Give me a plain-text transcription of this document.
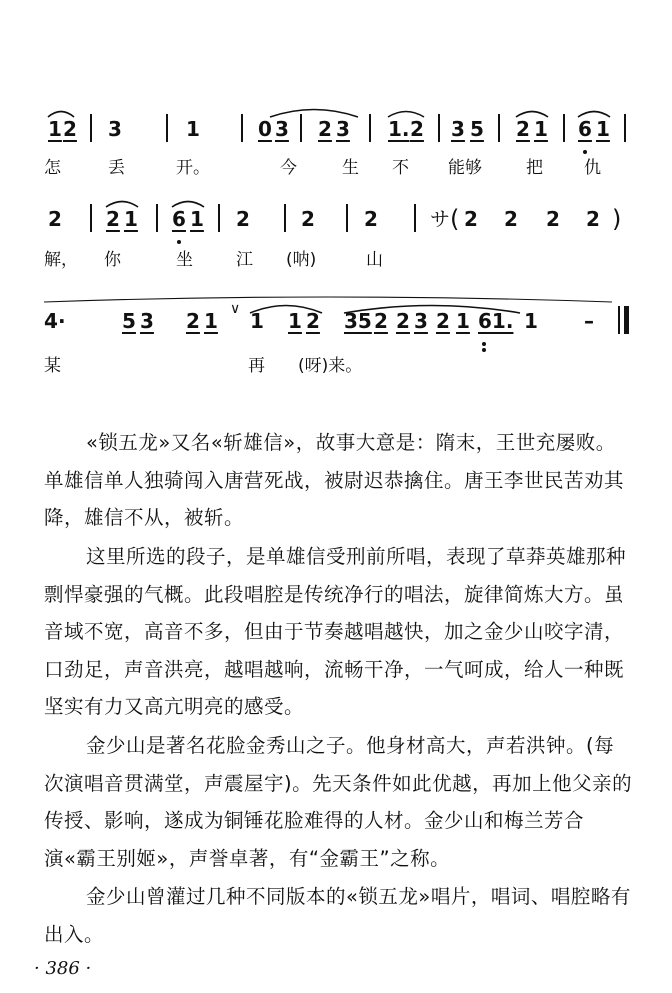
1 2 3	1	0 3 2 3 1. 2 3 5 2 1 6 1
怎	丢	开。	今	生 不 能够	把 仇
2 2 1 6 1 2	2 2	サ ( 2 2 2 2 )
解， 你	坐	江 (呐)	山
4 ·	5 3 2 1 ∨ 1 1 2 35 2 2 3 2 1 61. 1 –
某	再 (呀)来。

«锁五龙»又名«斩雄信»，故事大意是：隋末，王世充屡败。单雄信单人独骑闯入唐营死战，被尉迟恭擒住。唐王李世民苦劝其降，雄信不从，被斩。

这里所选的段子，是单雄信受刑前所唱，表现了草莽英雄那种剽悍豪强的气概。此段唱腔是传统净行的唱法，旋律简炼大方。虽音域不宽，高音不多，但由于节奏越唱越快，加之金少山咬字清，口劲足，声音洪亮，越唱越响，流畅干净，一气呵成，给人一种既坚实有力又高亢明亮的感受。

金少山是著名花脸金秀山之子。他身材高大，声若洪钟。(每次演唱音贯满堂，声震屋宇)。先天条件如此优越，再加上他父亲的传授、影响，遂成为铜锤花脸难得的人材。金少山和梅兰芳合演«霸王别姬»，声誉卓著，有“金霸王”之称。

金少山曾灌过几种不同版本的«锁五龙»唱片，唱词、唱腔略有出入。

· 386 ·
